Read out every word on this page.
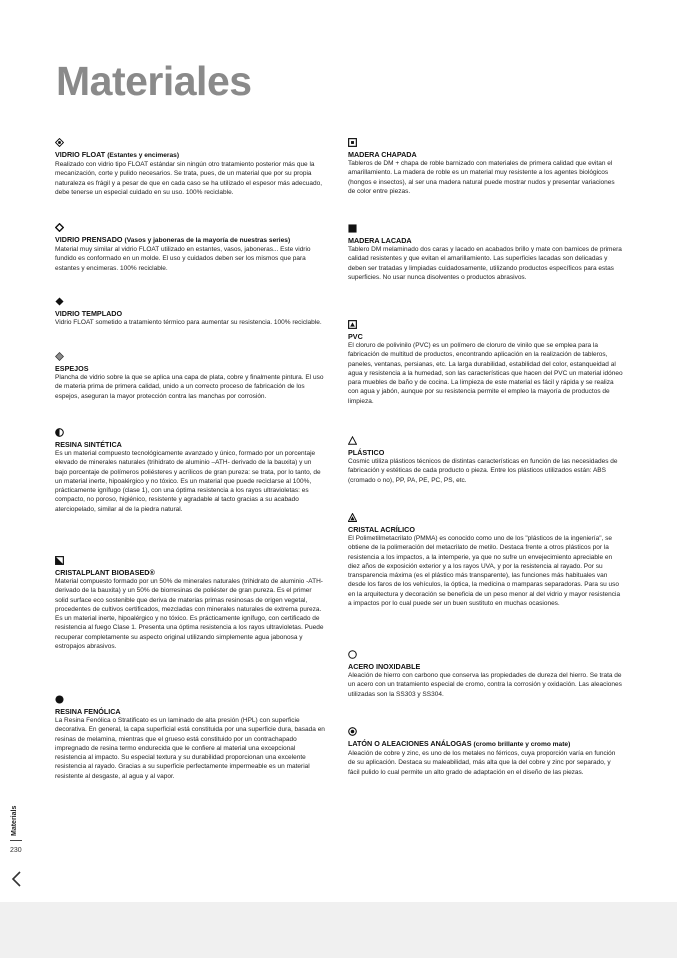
Materiales
VIDRIO FLOAT (Estantes y encimeras)

Realizado con vidrio tipo FLOAT estándar sin ningún otro tratamiento posterior más que la mecanización, corte y pulido necesarios. Se trata, pues, de un material que por su propia naturaleza es frágil y a pesar de que en cada caso se ha utilizado el espesor más adecuado, debe tenerse un especial cuidado en su uso. 100% reciclable.

VIDRIO PRENSADO (Vasos y jaboneras de la mayoría de nuestras series)

Material muy similar al vidrio FLOAT utilizado en estantes, vasos, jaboneras... Este vidrio fundido es conformado en un molde. El uso y cuidados deben ser los mismos que para estantes y encimeras. 100% reciclable.

VIDRIO TEMPLADO

Vidrio FLOAT sometido a tratamiento térmico para aumentar su resistencia. 100% reciclable.

ESPEJOS

Plancha de vidrio sobre la que se aplica una capa de plata, cobre y finalmente pintura. El uso de materia prima de primera calidad, unido a un correcto proceso de fabricación de los espejos, aseguran la mayor protección contra las manchas por corrosión.

RESINA SINTÉTICA

Es un material compuesto tecnológicamente avanzado y único, formado por un porcentaje elevado de minerales naturales (trihidrato de aluminio –ATH- derivado de la bauxita) y un bajo porcentaje de polímeros poliésteres y acrílicos de gran pureza: se trata, por lo tanto, de un material inerte, hipoalérgico y no tóxico. Es un material que puede reciclarse al 100%, prácticamente ignífugo (clase 1), con una óptima resistencia a los rayos ultravioletas: es compacto, no poroso, higiénico, resistente y agradable al tacto gracias a su acabado aterciopelado, similar al de la piedra natural.

CRISTALPLANT BIOBASED®

Material compuesto formado por un 50% de minerales naturales (trihidrato de aluminio -ATH- derivado de la bauxita) y un 50% de biorresinas de poliéster de gran pureza. Es el primer solid surface eco sostenible que deriva de materias primas resinosas de origen vegetal, procedentes de cultivos certificados, mezcladas con minerales naturales de extrema pureza. Es un material inerte, hipoalérgico y no tóxico. Es prácticamente ignífugo, con certificado de resistencia al fuego Clase 1. Presenta una óptima resistencia a los rayos ultravioletas. Puede recuperar completamente su aspecto original utilizando simplemente agua jabonosa y estropajos abrasivos.

RESINA FENÓLICA

La Resina Fenólica o Stratificato es un laminado de alta presión (HPL) con superficie decorativa. En general, la capa superficial está constituida por una superficie dura, basada en resinas de melamina, mientras que el grueso está constituido por un contrachapado impregnado de resina termo endurecida que le confiere al material una excepcional resistencia al impacto. Su especial textura y su durabilidad proporcionan una excelente resistencia al rayado. Gracias a su superficie perfectamente impermeable es un material resistente al desgaste, al agua y al vapor.

MADERA CHAPADA

Tableros de DM + chapa de roble barnizado con materiales de primera calidad que evitan el amarillamiento. La madera de roble es un material muy resistente a los agentes biológicos (hongos e insectos), al ser una madera natural puede mostrar nudos y presentar variaciones de color entre piezas.

MADERA LACADA

Tablero DM melaminado dos caras y lacado en acabados brillo y mate con barnices de primera calidad resistentes y que evitan el amarillamiento. Las superficies lacadas son delicadas y deben ser tratadas y limpiadas cuidadosamente, utilizando productos específicos para estas superficies. No usar nunca disolventes o productos abrasivos.

PVC

El cloruro de polivinilo (PVC) es un polímero de cloruro de vinilo que se emplea para la fabricación de multitud de productos, encontrando aplicación en la realización de tableros, paneles, ventanas, persianas, etc. La larga durabilidad, estabilidad del color, estanqueidad al agua y resistencia a la humedad, son las características que hacen del PVC un material idóneo para muebles de baño y de cocina. La limpieza de este material es fácil y rápida y se realiza con agua y jabón, aunque por su resistencia permite el empleo la mayoría de productos de limpieza.

PLÁSTICO

Cosmic utiliza plásticos técnicos de distintas características en función de las necesidades de fabricación y estéticas de cada producto o pieza. Entre los plásticos utilizados están: ABS (cromado o no), PP, PA, PE, PC, PS, etc.

CRISTAL ACRÍLICO

El Polimetilmetacrilato (PMMA) es conocido como uno de los "plásticos de la ingeniería", se obtiene de la polimeración del metacrilato de metilo. Destaca frente a otros plásticos por la resistencia a los impactos, a la intemperie, ya que no sufre un envejecimiento apreciable en diez años de exposición exterior y a los rayos UVA, y por la resistencia al rayado. Por su transparencia máxima (es el plástico más transparente), las funciones más habituales van desde los faros de los vehículos, la óptica, la medicina o mamparas separadoras. Para su uso en la arquitectura y decoración se beneficia de un peso menor al del vidrio y mayor resistencia a impactos por lo cual puede ser un buen sustituto en muchas ocasiones.

ACERO INOXIDABLE

Aleación de hierro con carbono que conserva las propiedades de dureza del hierro. Se trata de un acero con un tratamiento especial de cromo, contra la corrosión y oxidación. Las aleaciones utilizadas son la SS303 y SS304.

LATÓN O ALEACIONES ANÁLOGAS (cromo brillante y cromo mate)

Aleación de cobre y zinc, es uno de los metales no férricos, cuya proporción varía en función de su aplicación. Destaca su maleabilidad, más alta que la del cobre y zinc por separado, y fácil pulido lo cual permite un alto grado de adaptación en el diseño de las piezas.

Materials
230
